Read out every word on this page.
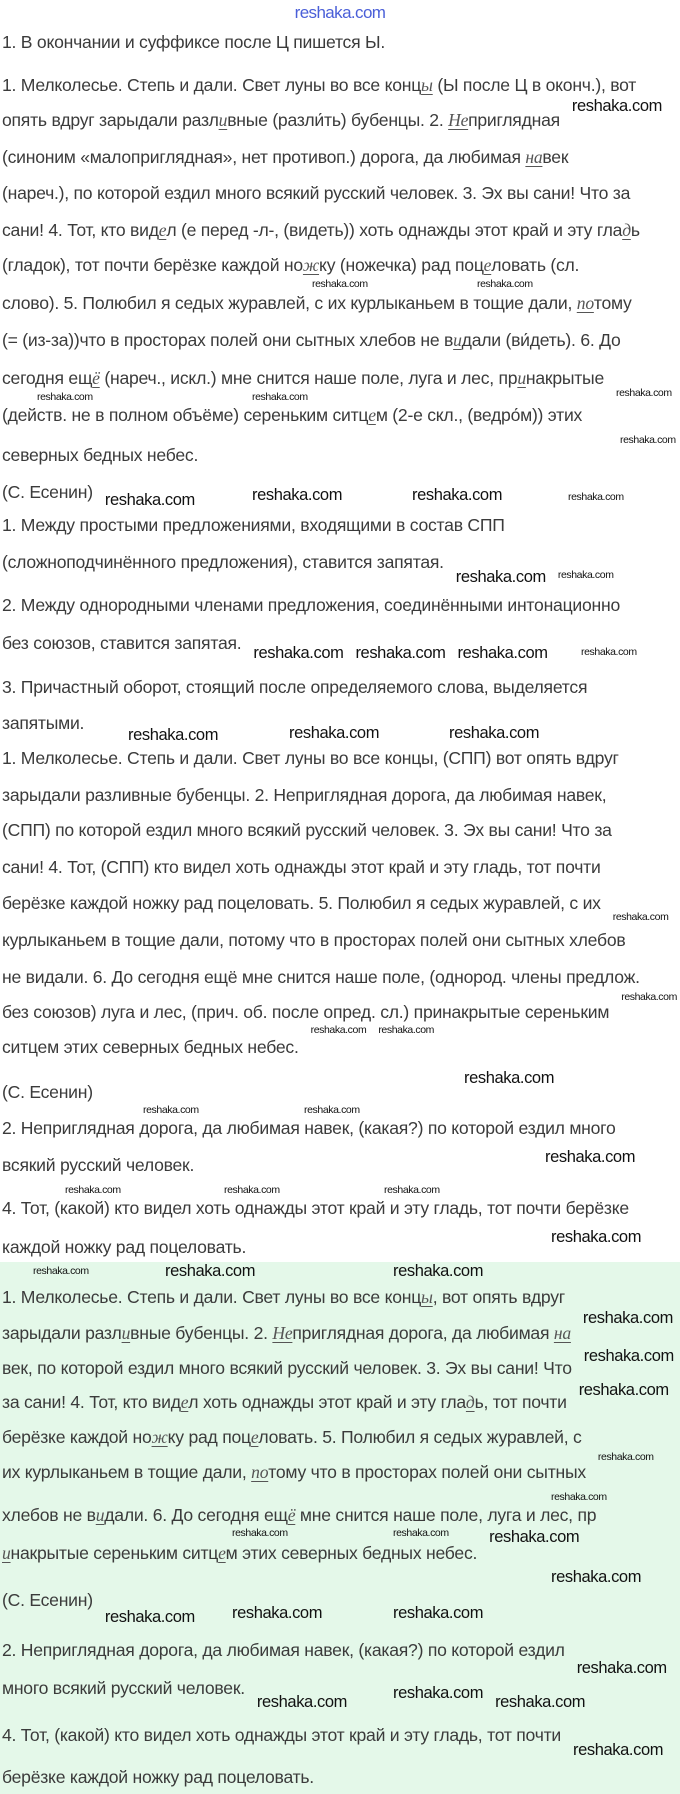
reshaka.com
1. В окончании и суффиксе после Ц пишется Ы.
1. Мелколесье. Степь и дали. Свет луны во все концы (Ы после Ц в оконч.), вот
опять вдруг зарыдали разливные (разли́ть) бубенцы. 2. Неприглядная
(синоним «малоприглядная», нет противоп.) дорога, да любимая навек
(нареч.), по которой ездил много всякий русский человек. 3. Эх вы сани! Что за
сани! 4. Тот, кто видел (е перед -л-, (видеть)) хоть однажды этот край и эту гладь
(гладок), тот почти берёзке каждой ножку (ножечка) рад поцеловать (сл.
слово). 5. Полюбил я седых журавлей, с их курлыканьем в тощие дали, потому
(= (из-за))что в просторах полей они сытных хлебов не видали (ви́деть). 6. До
сегодня ещё (нареч., искл.) мне снится наше поле, луга и лес, принакрытые
(действ. не в полном объёме) сереньким ситцем (2-е скл., (ведро́м)) этих
северных бедных небес.
(С. Есенин)
1. Между простыми предложениями, входящими в состав СПП
(сложноподчинённого предложения), ставится запятая.
2. Между однородными членами предложения, соединёнными интонационно
без союзов, ставится запятая.
3. Причастный оборот, стоящий после определяемого слова, выделяется
запятыми.
1. Мелколесье. Степь и дали. Свет луны во все концы, (СПП) вот опять вдруг
зарыдали разливные бубенцы. 2. Неприглядная дорога, да любимая навек,
(СПП) по которой ездил много всякий русский человек. 3. Эх вы сани! Что за
сани! 4. Тот, (СПП) кто видел хоть однажды этот край и эту гладь, тот почти
берёзке каждой ножку рад поцеловать. 5. Полюбил я седых журавлей, с их
курлыканьем в тощие дали, потому что в просторах полей они сытных хлебов
не видали. 6. До сегодня ещё мне снится наше поле, (однород. члены предлож.
без союзов) луга и лес, (прич. об. после опред. сл.) принакрытые сереньким
ситцем этих северных бедных небес.
(С. Есенин)
2. Неприглядная дорога, да любимая навек, (какая?) по которой ездил много
всякий русский человек.
4. Тот, (какой) кто видел хоть однажды этот край и эту гладь, тот почти берёзке
каждой ножку рад поцеловать.
1. Мелколесье. Степь и дали. Свет луны во все концы, вот опять вдруг
зарыдали разливные бубенцы. 2. Неприглядная дорога, да любимая на
век, по которой ездил много всякий русский человек. 3. Эх вы сани! Что
за сани! 4. Тот, кто видел хоть однажды этот край и эту гладь, тот почти
берёзке каждой ножку рад поцеловать. 5. Полюбил я седых журавлей, с
их курлыканьем в тощие дали, потому что в просторах полей они сытных
хлебов не видали. 6. До сегодня ещё мне снится наше поле, луга и лес, пр
инакрытые сереньким ситцем этих северных бедных небес.
(С. Есенин)
2. Неприглядная дорога, да любимая навек, (какая?) по которой ездил
много всякий русский человек.
4. Тот, (какой) кто видел хоть однажды этот край и эту гладь, тот почти
берёзке каждой ножку рад поцеловать.
reshaka.com
reshaka.com	reshaka.com
reshaka.com	reshaka.com	reshaka.com
reshaka.com
reshaka.com	reshaka.com	reshaka.com	reshaka.com
reshaka.com reshaka.com
reshaka.com reshaka.com reshaka.com	reshaka.com
reshaka.com	reshaka.com	reshaka.com
reshaka.com
reshaka.com
reshaka.com reshaka.com
reshaka.com
reshaka.com	reshaka.com
reshaka.com
reshaka.com	reshaka.com	reshaka.com
reshaka.com
reshaka.com	reshaka.com	reshaka.com
reshaka.com
reshaka.com
reshaka.com
reshaka.com
reshaka.com
reshaka.com
reshaka.com	reshaka.com
reshaka.com
reshaka.com reshaka.com	reshaka.com
reshaka.com
reshaka.com
reshaka.com	reshaka.com
reshaka.com
